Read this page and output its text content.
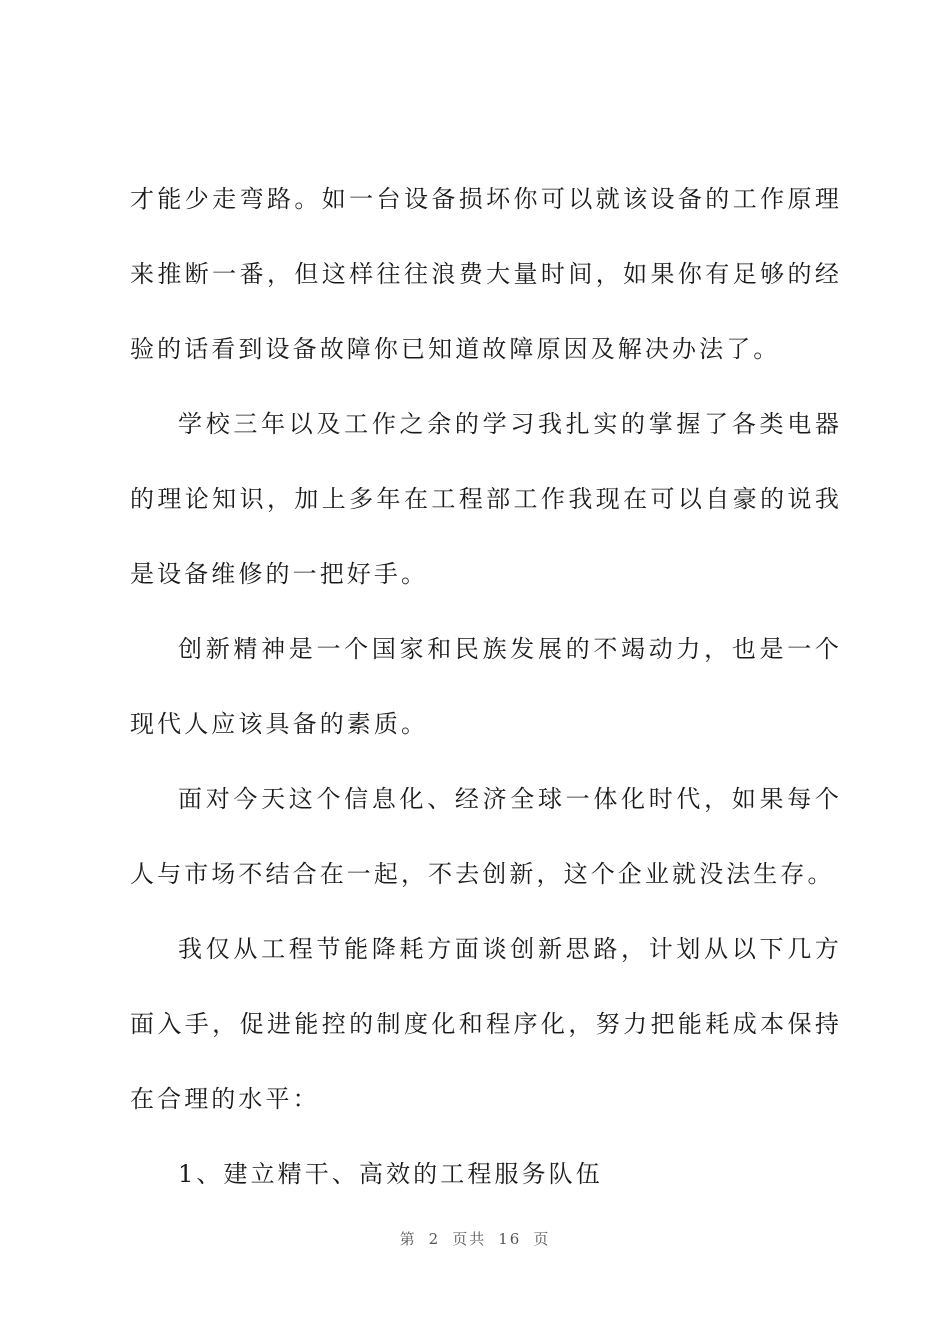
才能少走弯路。如一台设备损坏你可以就该设备的工作原理来推断一番，但这样往往浪费大量时间，如果你有足够的经验的话看到设备故障你已知道故障原因及解决办法了。

学校三年以及工作之余的学习我扎实的掌握了各类电器的理论知识，加上多年在工程部工作我现在可以自豪的说我是设备维修的一把好手。

创新精神是一个国家和民族发展的不竭动力，也是一个现代人应该具备的素质。

面对今天这个信息化、经济全球一体化时代，如果每个人与市场不结合在一起，不去创新，这个企业就没法生存。

我仅从工程节能降耗方面谈创新思路，计划从以下几方面入手，促进能控的制度化和程序化，努力把能耗成本保持在合理的水平：

1、建立精干、高效的工程服务队伍

第 2 页共 16 页
